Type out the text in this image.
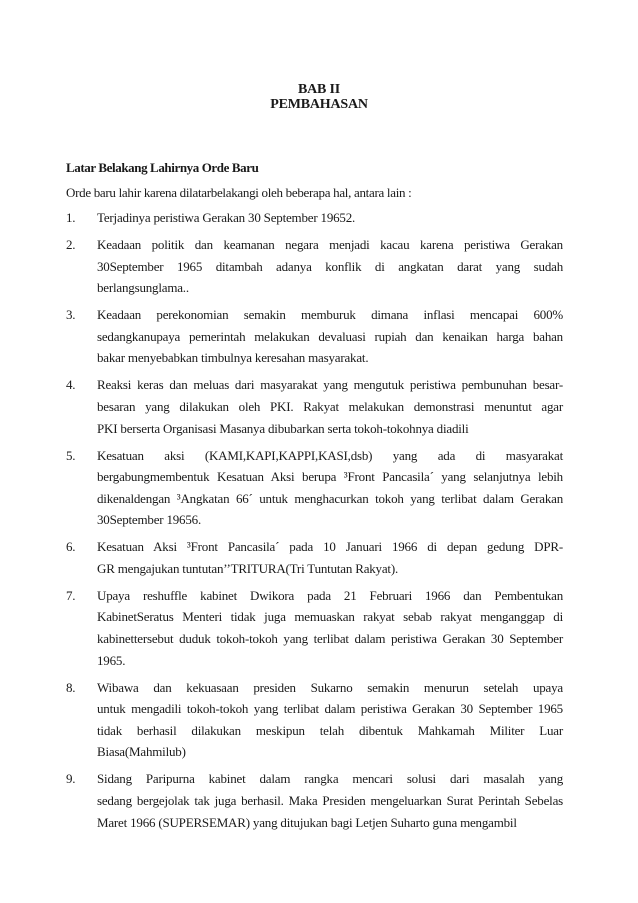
BAB II
PEMBAHASAN
Latar Belakang Lahirnya Orde Baru
Orde baru lahir karena dilatarbelakangi oleh beberapa hal, antara lain :
1. Terjadinya peristiwa Gerakan 30 September 19652.
2. Keadaan politik dan keamanan negara menjadi kacau karena peristiwa Gerakan
30September 1965 ditambah adanya konflik di angkatan darat yang sudah
berlangsunglama..
3. Keadaan perekonomian semakin memburuk dimana inflasi mencapai 600%
sedangkanupaya pemerintah melakukan devaluasi rupiah dan kenaikan harga bahan
bakar menyebabkan timbulnya keresahan masyarakat.
4. Reaksi keras dan meluas dari masyarakat yang mengutuk peristiwa pembunuhan besar-
besaran yang dilakukan oleh PKI. Rakyat melakukan demonstrasi menuntut agar
PKI berserta Organisasi Masanya dibubarkan serta tokoh-tokohnya diadili
5. Kesatuan aksi (KAMI,KAPI,KAPPI,KASI,dsb) yang ada di masyarakat
bergabungmembentuk Kesatuan Aksi berupa ³Front Pancasila´ yang selanjutnya lebih
dikenaldengan ³Angkatan 66´ untuk menghacurkan tokoh yang terlibat dalam Gerakan
30September 19656.
6. Kesatuan Aksi ³Front Pancasila´ pada 10 Januari 1966 di depan gedung DPR-
GR mengajukan tuntutan’’TRITURA(Tri Tuntutan Rakyat).
7. Upaya reshuffle kabinet Dwikora pada 21 Februari 1966 dan Pembentukan
KabinetSeratus Menteri tidak juga memuaskan rakyat sebab rakyat menganggap di
kabinettersebut duduk tokoh-tokoh yang terlibat dalam peristiwa Gerakan 30 September
1965.
8. Wibawa dan kekuasaan presiden Sukarno semakin menurun setelah upaya
untuk mengadili tokoh-tokoh yang terlibat dalam peristiwa Gerakan 30 September 1965
tidak berhasil dilakukan meskipun telah dibentuk Mahkamah Militer Luar
Biasa(Mahmilub)
9. Sidang Paripurna kabinet dalam rangka mencari solusi dari masalah yang
sedang bergejolak tak juga berhasil. Maka Presiden mengeluarkan Surat Perintah Sebelas
Maret 1966 (SUPERSEMAR) yang ditujukan bagi Letjen Suharto guna mengambil
